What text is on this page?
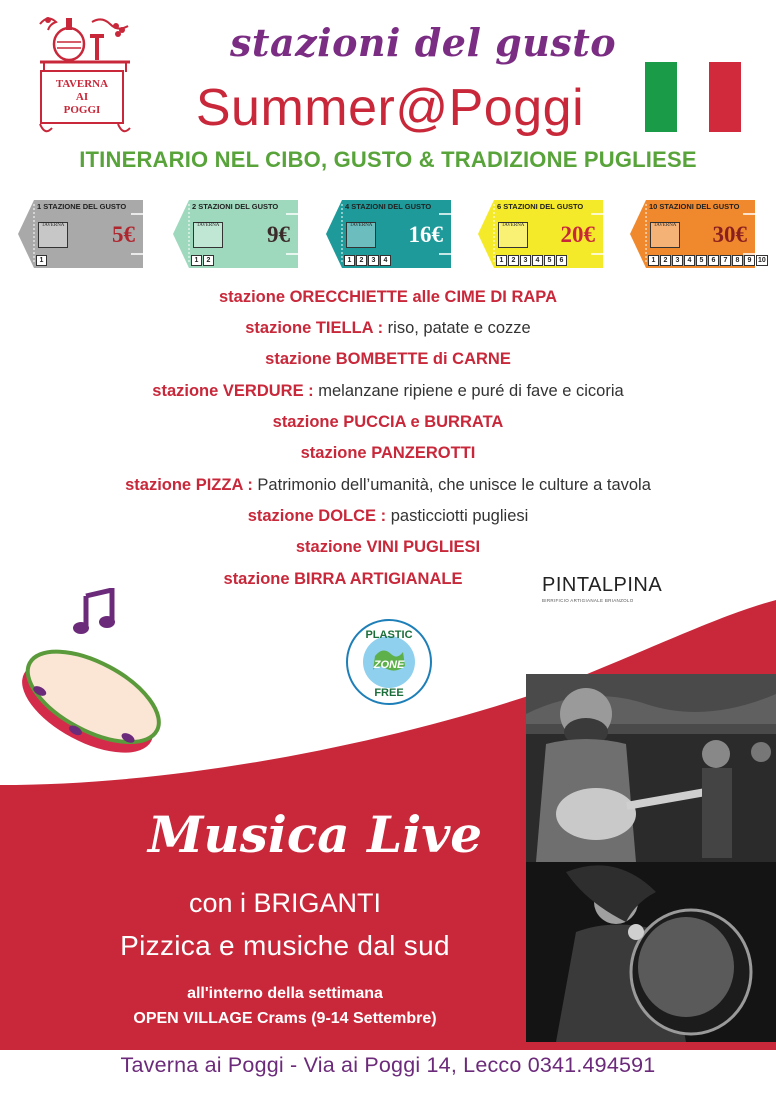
TAVERNA
AI
POGGI
stazioni del gusto
Summer@Poggi
ITINERARIO NEL CIBO, GUSTO & TRADIZIONE PUGLIESE
1 STAZIONE DEL GUSTO
TAVERNA 5€
1
2 STAZIONI DEL GUSTO
TAVERNA 9€
1	2
4 STAZIONI DEL GUSTO
TAVERNA 16€
1	2	3	4
6 STAZIONI DEL GUSTO
TAVERNA 20€
1	2	3	4	5	6
10 STAZIONI DEL GUSTO
TAVERNA 30€
1	2	3	4	5	6	7	8	9 10
stazione ORECCHIETTE alle CIME DI RAPA
stazione TIELLA : riso, patate e cozze
stazione BOMBETTE di CARNE
stazione VERDURE : melanzane ripiene e puré di fave e cicoria
stazione PUCCIA e BURRATA
stazione PANZEROTTI
stazione PIZZA : Patrimonio dell’umanità, che unisce le culture a tavola
stazione DOLCE : pasticciotti pugliesi
stazione VINI PUGLIESI
stazione BIRRA ARTIGIANALE	PINTALPINA
BIRRIFICIO ARTIGIANALE BRIANZOLO
PLASTIC
ZONE
FREE
Musica Live
con i BRIGANTI
Pizzica e musiche dal sud
all'interno della settimana
OPEN VILLAGE Crams (9-14 Settembre)
Taverna ai Poggi - Via ai Poggi 14, Lecco 0341.494591
